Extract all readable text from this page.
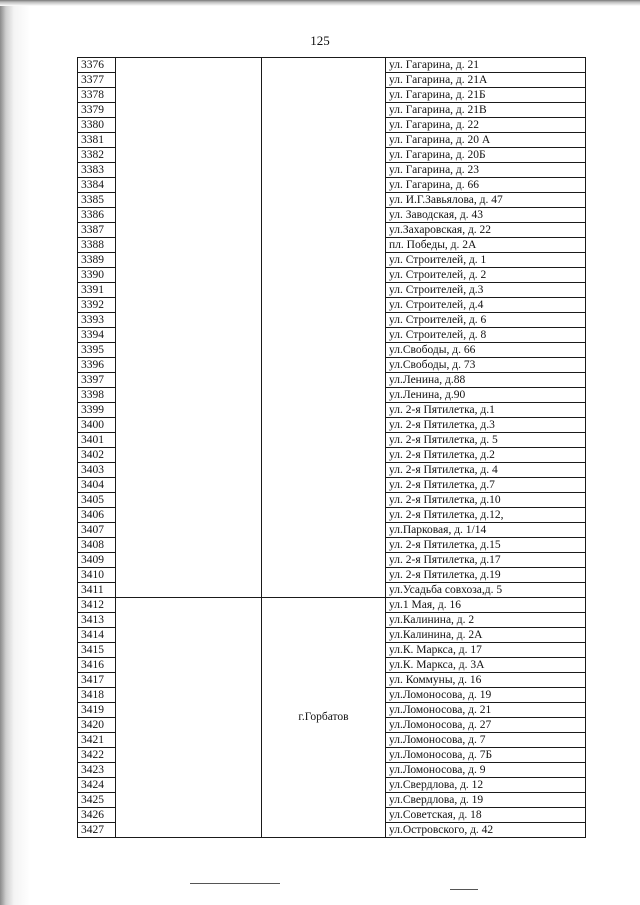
125
3376			ул. Гагарина, д. 21
3377			ул. Гагарина, д. 21А
3378			ул. Гагарина, д. 21Б
3379			ул. Гагарина, д. 21В
3380			ул. Гагарина, д. 22
3381			ул. Гагарина, д. 20 А
3382			ул. Гагарина, д. 20Б
3383			ул. Гагарина, д. 23
3384			ул. Гагарина, д. 66
3385			ул. И.Г.Завьялова, д. 47
3386			ул. Заводская, д. 43
3387			ул.Захаровская, д. 22
3388			пл. Победы, д. 2А
3389			ул. Строителей, д. 1
3390			ул. Строителей, д. 2
3391			ул. Строителей, д.3
3392			ул. Строителей, д.4
3393			ул. Строителей, д. 6
3394			ул. Строителей, д. 8
3395			ул.Свободы, д. 66
3396			ул.Свободы, д. 73
3397			ул.Ленина, д.88
3398			ул.Ленина, д.90
3399			ул. 2-я Пятилетка, д.1
3400			ул. 2-я Пятилетка, д.3
3401			ул. 2-я Пятилетка, д. 5
3402			ул. 2-я Пятилетка, д.2
3403			ул. 2-я Пятилетка, д. 4
3404			ул. 2-я Пятилетка, д.7
3405			ул. 2-я Пятилетка, д.10
3406			ул. 2-я Пятилетка, д.12,
3407			ул.Парковая, д. 1/14
3408			ул. 2-я Пятилетка, д.15
3409			ул. 2-я Пятилетка, д.17
3410			ул. 2-я Пятилетка, д.19
3411			ул.Усадьба совхоза,д. 5
3412		г.Горбатов	ул.1 Мая, д. 16
3413			ул.Калинина, д. 2
3414			ул.Калинина, д. 2А
3415			ул.К. Маркса, д. 17
3416			ул.К. Маркса, д. 3А
3417			ул. Коммуны, д. 16
3418			ул.Ломоносова, д. 19
3419			ул.Ломоносова, д. 21
3420			ул.Ломоносова, д. 27
3421			ул.Ломоносова, д. 7
3422			ул.Ломоносова, д. 7Б
3423			ул.Ломоносова, д. 9
3424			ул.Свердлова, д. 12
3425			ул.Свердлова, д. 19
3426			ул.Советская, д. 18
3427			ул.Островского, д. 42
